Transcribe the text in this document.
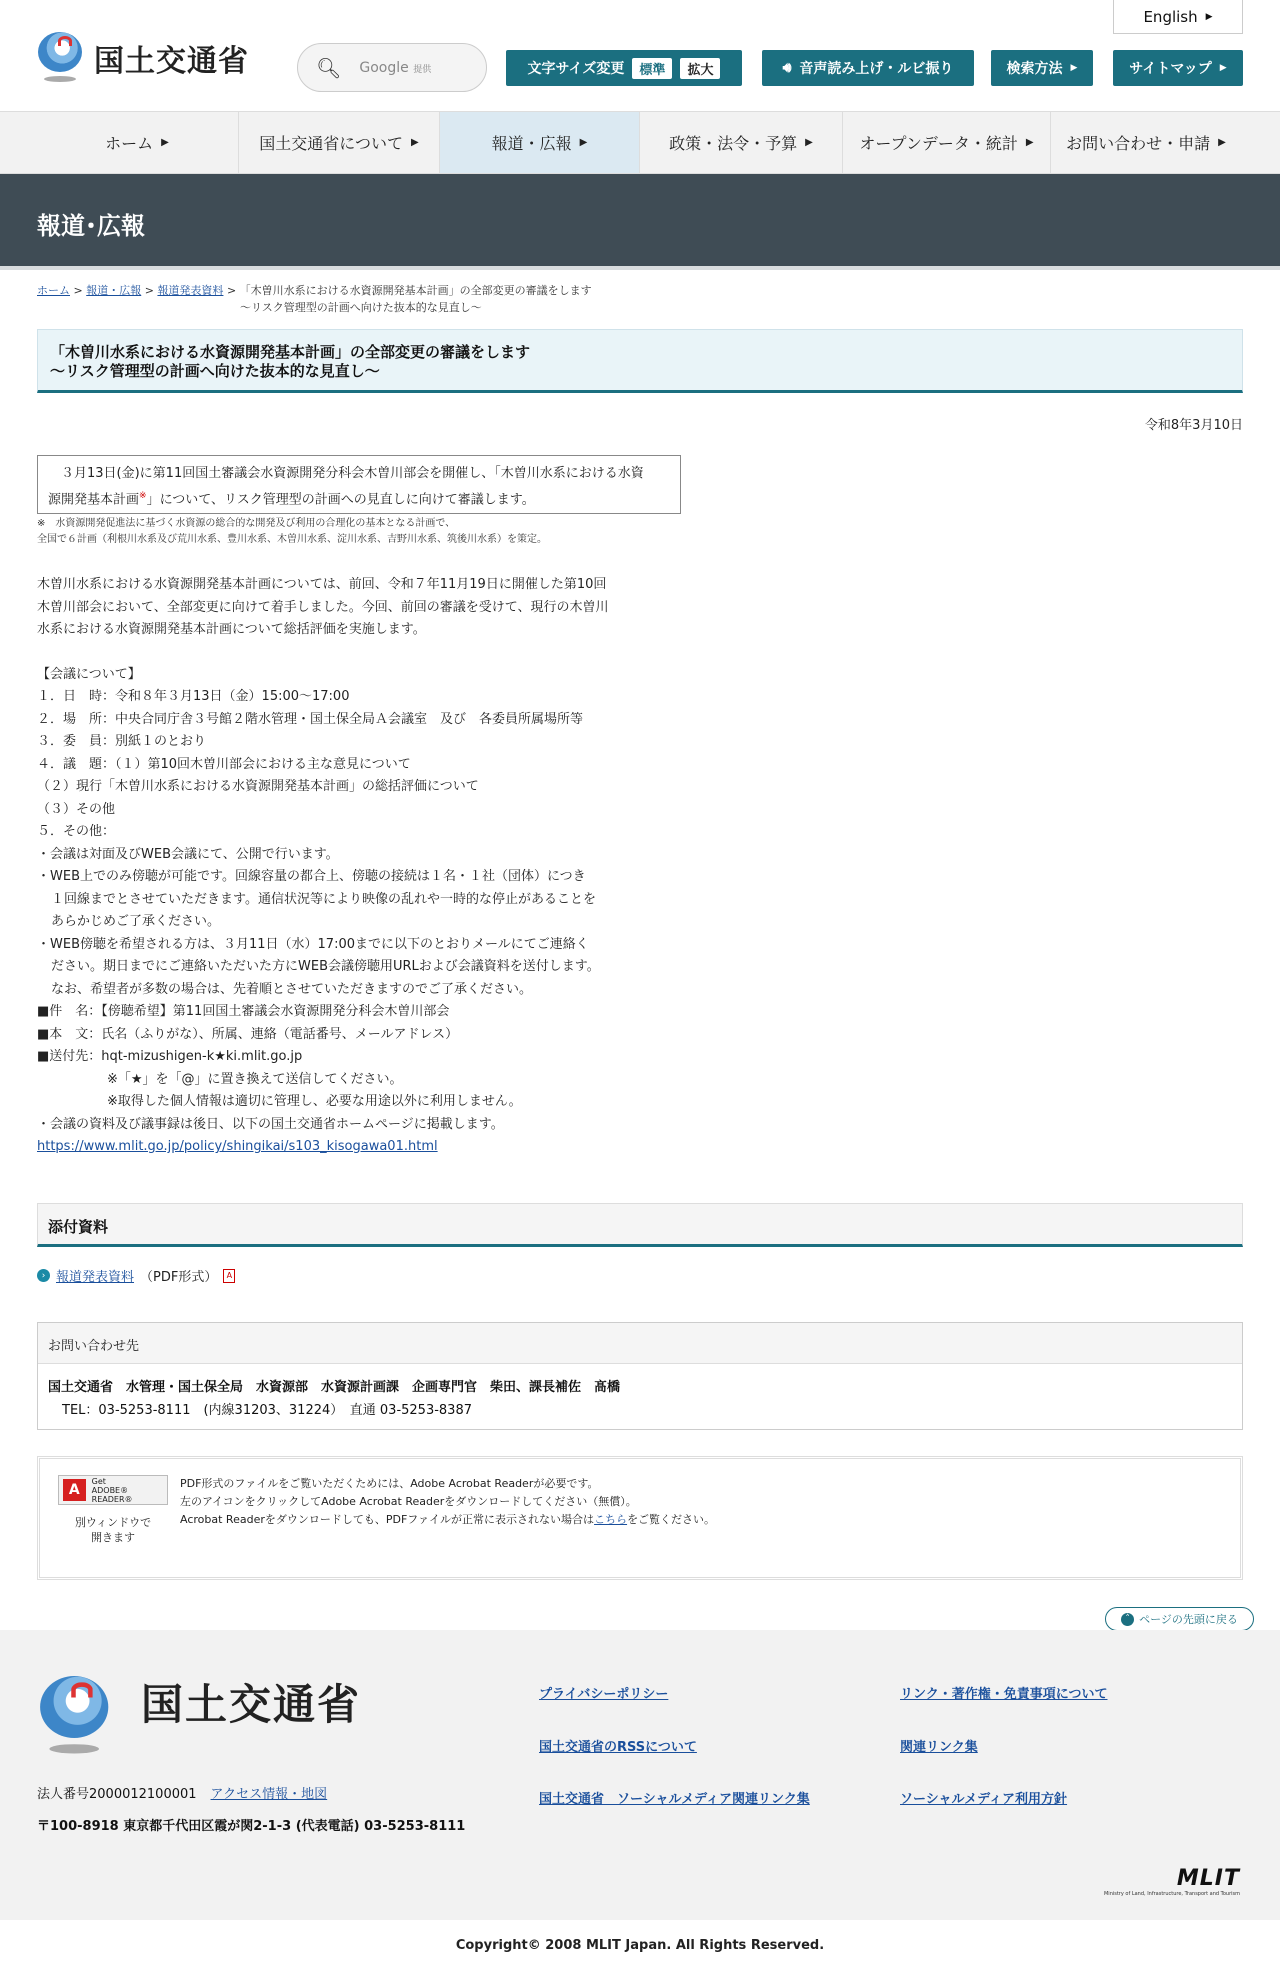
English ▶
国土交通省	🔍︎ Google 提供	文字サイズ変更	標準	拡大	🔊︎ 音声読み上げ・ルビ振り	検索方法 ▶	サイトマップ ▶
ホーム ▶	国土交通省について ▶	報道・広報 ▶	政策・法令・予算 ▶	オープンデータ・統計 ▶ お問い合わせ・申請 ▶
報道･広報
ホーム > 報道・広報 > 報道発表資料 > 「木曽川水系における水資源開発基本計画」の全部変更の審議をします
～リスク管理型の計画へ向けた抜本的な見直し～
「木曽川水系における水資源開発基本計画」の全部変更の審議をします
～リスク管理型の計画へ向けた抜本的な見直し～
令和8年3月10日
　３月13日(金)に第11回国土審議会水資源開発分科会木曽川部会を開催し、「木曽川水系における水資
源開発基本計画※」について、リスク管理型の計画への見直しに向けて審議します。
※　水資源開発促進法に基づく水資源の総合的な開発及び利用の合理化の基本となる計画で、
全国で６計画（利根川水系及び荒川水系、豊川水系、木曽川水系、淀川水系、吉野川水系、筑後川水系）を策定。

木曽川水系における水資源開発基本計画については、前回、令和７年11月19日に開催した第10回

木曽川部会において、全部変更に向けて着手しました。今回、前回の審議を受けて、現行の木曽川

水系における水資源開発基本計画について総括評価を実施します。

【会議について】

１．日　時：令和８年３月13日（金）15:00～17:00

２．場　所：中央合同庁舎３号館２階水管理・国土保全局Ａ会議室　及び　各委員所属場所等

３．委　員：別紙１のとおり

４．議　題：（１）第10回木曽川部会における主な意見について

（２）現行「木曽川水系における水資源開発基本計画」の総括評価について

（３）その他

５．その他：

・会議は対面及びWEB会議にて、公開で行います。

・WEB上でのみ傍聴が可能です。回線容量の都合上、傍聴の接続は１名・１社（団体）につき

１回線までとさせていただきます。通信状況等により映像の乱れや一時的な停止があることを

あらかじめご了承ください。

・WEB傍聴を希望される方は、３月11日（水）17:00までに以下のとおりメールにてご連絡く

ださい。期日までにご連絡いただいた方にWEB会議傍聴用URLおよび会議資料を送付します。

なお、希望者が多数の場合は、先着順とさせていただきますのでご了承ください。

■件　名：【傍聴希望】第11回国土審議会水資源開発分科会木曽川部会

■本　文：氏名（ふりがな）、所属、連絡（電話番号、メールアドレス）

■送付先：hqt-mizushigen-k★ki.mlit.go.jp

※「★」を「@」に置き換えて送信してください。

※取得した個人情報は適切に管理し、必要な用途以外に利用しません。

・会議の資料及び議事録は後日、以下の国土交通省ホームページに掲載します。

https://www.mlit.go.jp/policy/shingikai/s103_kisogawa01.html

添付資料
› 報道発表資料 （PDF形式）	A
お問い合わせ先
国土交通省　水管理・国土保全局　水資源部　水資源計画課　企画専門官　柴田、課長補佐　髙橋
TEL：03-5253-8111　(内線31203、31224）　直通 03-5253-8387
A
Get
ADOBE® READER®
別ウィンドウで
開きます
PDF形式のファイルをご覧いただくためには、Adobe Acrobat Readerが必要です。
左のアイコンをクリックしてAdobe Acrobat Readerをダウンロードしてください（無償）。
Acrobat Readerをダウンロードしても、PDFファイルが正常に表示されない場合はこちらをご覧ください。
˄ ページの先頭に戻る
国土交通省
法人番号2000012100001 アクセス情報・地図
〒100-8918 東京都千代田区霞が関2-1-3 (代表電話) 03-5253-8111
プライバシーポリシー	リンク・著作権・免責事項について
国土交通省のRSSについて	関連リンク集
国土交通省　ソーシャルメディア関連リンク集	ソーシャルメディア利用方針
MLIT
Ministry of Land, Infrastructure, Transport and Tourism
Copyright© 2008 MLIT Japan. All Rights Reserved.
